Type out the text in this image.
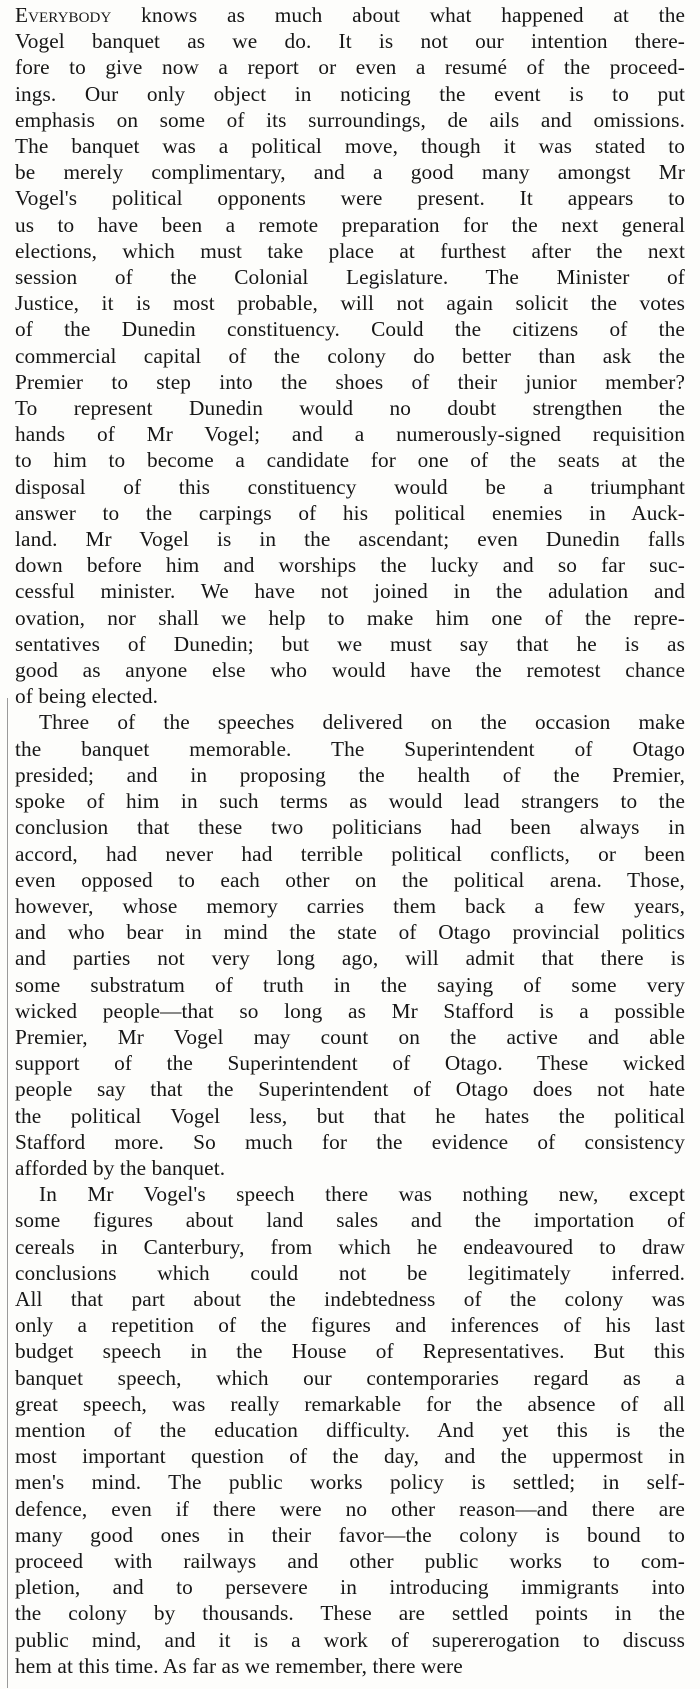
Everybody knows as much about what happened at the
Vogel banquet as we do. It is not our intention there-
fore to give now a report or even a resumé of the proceed-
ings. Our only object in noticing the event is to put
emphasis on some of its surroundings, de ails and omissions.
The banquet was a political move, though it was stated to
be merely complimentary, and a good many amongst Mr
Vogel's political opponents were present. It appears to
us to have been a remote preparation for the next general
elections, which must take place at furthest after the next
session of the Colonial Legislature. The Minister of
Justice, it is most probable, will not again solicit the votes
of the Dunedin constituency. Could the citizens of the
commercial capital of the colony do better than ask the
Premier to step into the shoes of their junior member?
To represent Dunedin would no doubt strengthen the
hands of Mr Vogel; and a numerously-signed requisition
to him to become a candidate for one of the seats at the
disposal of this constituency would be a triumphant
answer to the carpings of his political enemies in Auck-
land. Mr Vogel is in the ascendant; even Dunedin falls
down before him and worships the lucky and so far suc-
cessful minister. We have not joined in the adulation and
ovation, nor shall we help to make him one of the repre-
sentatives of Dunedin; but we must say that he is as
good as anyone else who would have the remotest chance
of being elected.

Three of the speeches delivered on the occasion make
the banquet memorable. The Superintendent of Otago
presided; and in proposing the health of the Premier,
spoke of him in such terms as would lead strangers to the
conclusion that these two politicians had been always in
accord, had never had terrible political conflicts, or been
even opposed to each other on the political arena. Those,
however, whose memory carries them back a few years,
and who bear in mind the state of Otago provincial politics
and parties not very long ago, will admit that there is
some substratum of truth in the saying of some very
wicked people—that so long as Mr Stafford is a possible
Premier, Mr Vogel may count on the active and able
support of the Superintendent of Otago. These wicked
people say that the Superintendent of Otago does not hate
the political Vogel less, but that he hates the political
Stafford more. So much for the evidence of consistency
afforded by the banquet.

In Mr Vogel's speech there was nothing new, except
some figures about land sales and the importation of
cereals in Canterbury, from which he endeavoured to draw
conclusions which could not be legitimately inferred.
All that part about the indebtedness of the colony was
only a repetition of the figures and inferences of his last
budget speech in the House of Representatives. But this
banquet speech, which our contemporaries regard as a
great speech, was really remarkable for the absence of all
mention of the education difficulty. And yet this is the
most important question of the day, and the uppermost in
men's mind. The public works policy is settled; in self-
defence, even if there were no other reason—and there are
many good ones in their favor—the colony is bound to
proceed with railways and other public works to com-
pletion, and to persevere in introducing immigrants into
the colony by thousands. These are settled points in the
public mind, and it is a work of supererogation to discuss
hem at this time. As far as we remember, there were
